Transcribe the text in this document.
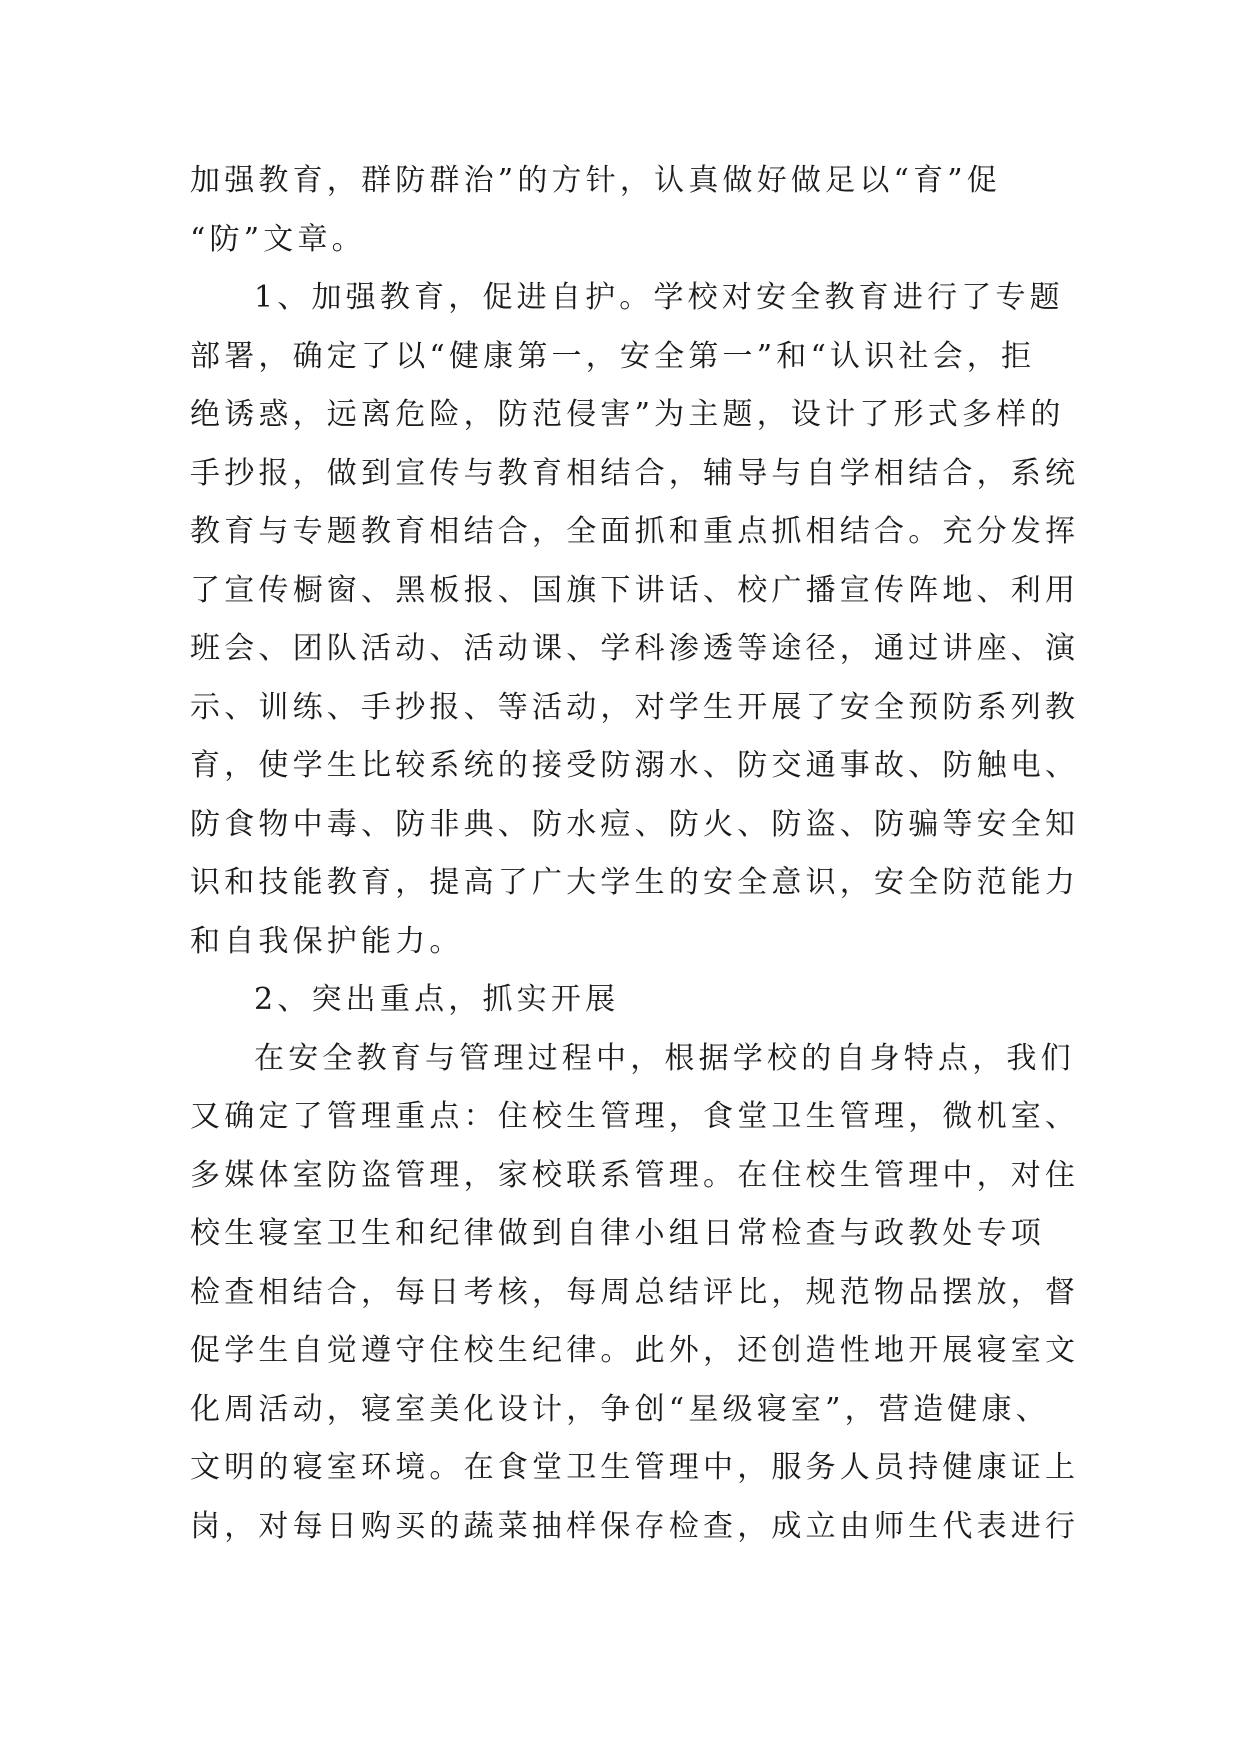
加强教育，群防群治”的方针，认真做好做足以“育”促
“防”文章。
1、加强教育，促进自护。学校对安全教育进行了专题
部署，确定了以“健康第一，安全第一”和“认识社会，拒
绝诱惑，远离危险，防范侵害”为主题，设计了形式多样的
手抄报，做到宣传与教育相结合，辅导与自学相结合，系统
教育与专题教育相结合，全面抓和重点抓相结合。充分发挥
了宣传橱窗、黑板报、国旗下讲话、校广播宣传阵地、利用
班会、团队活动、活动课、学科渗透等途径，通过讲座、演
示、训练、手抄报、等活动，对学生开展了安全预防系列教
育，使学生比较系统的接受防溺水、防交通事故、防触电、
防食物中毒、防非典、防水痘、防火、防盗、防骗等安全知
识和技能教育，提高了广大学生的安全意识，安全防范能力
和自我保护能力。
2、突出重点，抓实开展
在安全教育与管理过程中，根据学校的自身特点，我们
又确定了管理重点：住校生管理，食堂卫生管理，微机室、
多媒体室防盗管理，家校联系管理。在住校生管理中，对住
校生寝室卫生和纪律做到自律小组日常检查与政教处专项
检查相结合，每日考核，每周总结评比，规范物品摆放，督
促学生自觉遵守住校生纪律。此外，还创造性地开展寝室文
化周活动，寝室美化设计，争创“星级寝室”，营造健康、
文明的寝室环境。在食堂卫生管理中，服务人员持健康证上
岗，对每日购买的蔬菜抽样保存检查，成立由师生代表进行
